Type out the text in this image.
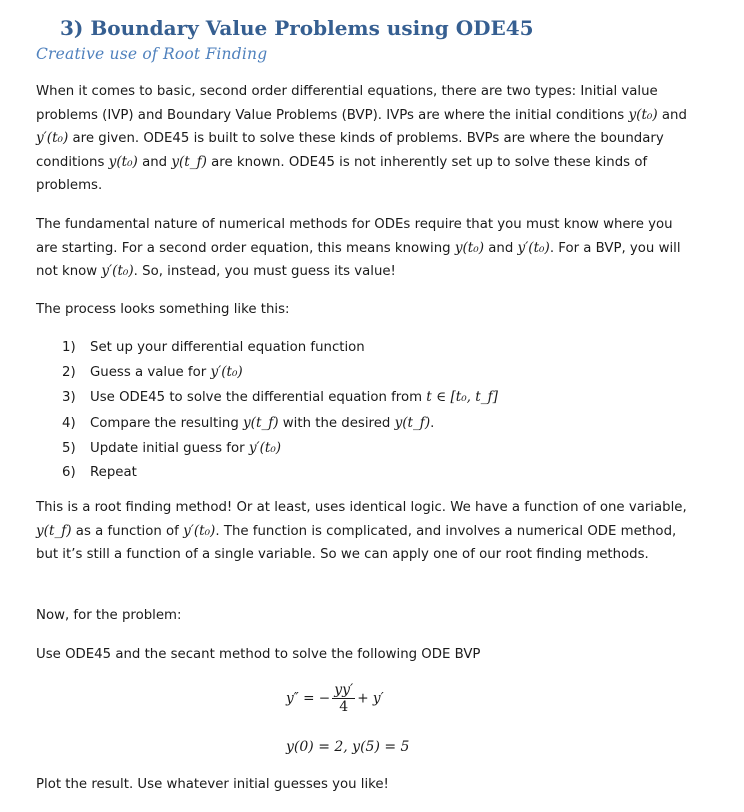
3) Boundary Value Problems using ODE45
Creative use of Root Finding

When it comes to basic, second order differential equations, there are two types: Initial value problems (IVP) and Boundary Value Problems (BVP). IVPs are where the initial conditions y(t₀) and y′(t₀) are given. ODE45 is built to solve these kinds of problems. BVPs are where the boundary conditions y(t₀) and y(t_f) are known. ODE45 is not inherently set up to solve these kinds of problems.

The fundamental nature of numerical methods for ODEs require that you must know where you are starting. For a second order equation, this means knowing y(t₀) and y′(t₀). For a BVP, you will not know y′(t₀). So, instead, you must guess its value!

The process looks something like this:

1) Set up your differential equation function
2) Guess a value for y′(t₀)
3) Use ODE45 to solve the differential equation from t ∈ [t₀, t_f]
4) Compare the resulting y(t_f) with the desired y(t_f).
5) Update initial guess for y′(t₀)
6) Repeat

This is a root finding method! Or at least, uses identical logic. We have a function of one variable, y(t_f) as a function of y′(t₀). The function is complicated, and involves a numerical ODE method, but it’s still a function of a single variable. So we can apply one of our root finding methods.

Now, for the problem:

Use ODE45 and the secant method to solve the following ODE BVP

y″ = − $\frac{yy'}{4} + y'$
y(0) = 2, y(5) = 5

Plot the result. Use whatever initial guesses you like!
